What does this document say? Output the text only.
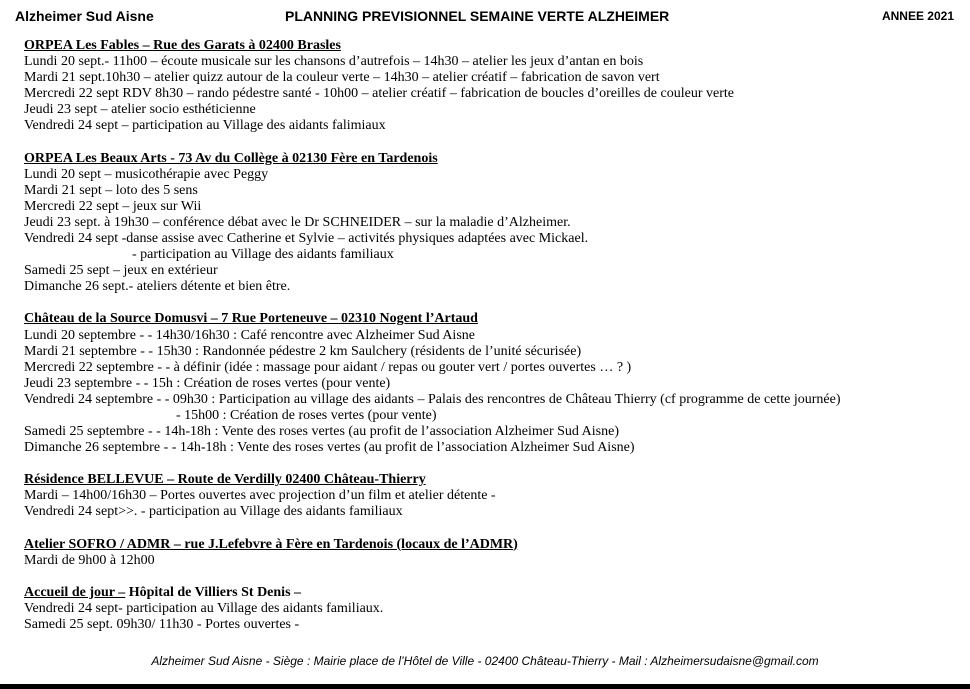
Alzheimer Sud Aisne	PLANNING PREVISIONNEL SEMAINE VERTE ALZHEIMER	ANNEE 2021
ORPEA Les Fables – Rue des Garats à 02400 Brasles
Lundi 20 sept.- 11h00 – écoute musicale sur les chansons d’autrefois – 14h30 – atelier les jeux d’antan en bois
Mardi 21 sept.10h30 – atelier quizz autour de la couleur verte – 14h30 – atelier créatif – fabrication de savon vert
Mercredi 22 sept RDV 8h30 – rando pédestre santé - 10h00 – atelier créatif – fabrication de boucles d’oreilles de couleur verte
Jeudi 23 sept – atelier socio esthéticienne
Vendredi 24 sept – participation au Village des aidants falimiaux
ORPEA Les Beaux Arts - 73 Av du Collège à 02130 Fère en Tardenois
Lundi 20 sept – musicothérapie avec Peggy
Mardi 21 sept – loto des 5 sens
Mercredi 22 sept – jeux sur Wii
Jeudi 23 sept. à 19h30 – conférence débat avec le Dr SCHNEIDER – sur la maladie d’Alzheimer.
Vendredi 24 sept -danse assise avec Catherine et Sylvie – activités physiques adaptées avec Mickael.
- participation au Village des aidants familiaux
Samedi 25 sept – jeux en extérieur
Dimanche 26 sept.- ateliers détente et bien être.
Château de la Source Domusvi – 7 Rue Porteneuve – 02310 Nogent l’Artaud
Lundi 20 septembre - - 14h30/16h30 : Café rencontre avec Alzheimer Sud Aisne
Mardi 21 septembre - - 15h30 : Randonnée pédestre 2 km Saulchery (résidents de l’unité sécurisée)
Mercredi 22 septembre - - à définir (idée : massage pour aidant / repas ou gouter vert / portes ouvertes … ? )
Jeudi 23 septembre - - 15h : Création de roses vertes (pour vente)
Vendredi 24 septembre - - 09h30 : Participation au village des aidants – Palais des rencontres de Château Thierry (cf programme de cette journée)
- 15h00 : Création de roses vertes (pour vente)
Samedi 25 septembre - - 14h-18h : Vente des roses vertes (au profit de l’association Alzheimer Sud Aisne)
Dimanche 26 septembre - - 14h-18h : Vente des roses vertes (au profit de l’association Alzheimer Sud Aisne)
Résidence BELLEVUE – Route de Verdilly 02400 Château-Thierry
Mardi – 14h00/16h30 – Portes ouvertes avec projection d’un film et atelier détente -
Vendredi 24 sept>>. - participation au Village des aidants familiaux
Atelier SOFRO / ADMR – rue J.Lefebvre à Fère en Tardenois (locaux de l’ADMR)
Mardi de 9h00 à 12h00
Accueil de jour – Hôpital de Villiers St Denis –
Vendredi 24 sept- participation au Village des aidants familiaux.
Samedi 25 sept. 09h30/ 11h30 - Portes ouvertes -
Alzheimer Sud Aisne - Siège : Mairie place de l’Hôtel de Ville - 02400 Château-Thierry - Mail : Alzheimersudaisne@gmail.com
